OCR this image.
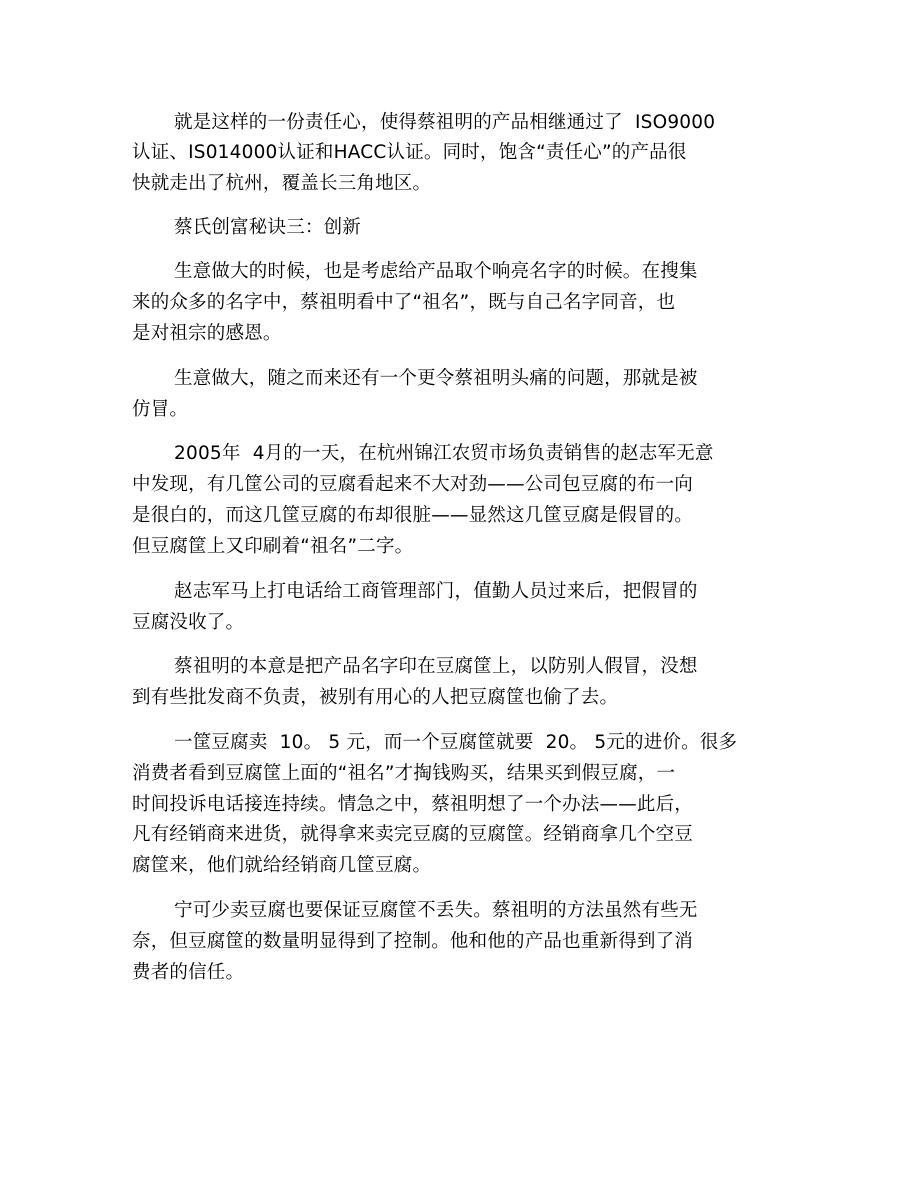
就是这样的一份责任心，使得蔡祖明的产品相继通过了  ISO9000
认证、IS014000认证和HACC认证。同时，饱含“责任心”的产品很
快就走出了杭州，覆盖长三角地区。
蔡氏创富秘诀三：创新
生意做大的时候，也是考虑给产品取个响亮名字的时候。在搜集
来的众多的名字中，蔡祖明看中了“祖名”，既与自己名字同音，也
是对祖宗的感恩。
生意做大，随之而来还有一个更令蔡祖明头痛的问题，那就是被
仿冒。
2005年  4月的一天，在杭州锦江农贸市场负责销售的赵志军无意
中发现，有几筐公司的豆腐看起来不大对劲——公司包豆腐的布一向
是很白的，而这几筐豆腐的布却很脏——显然这几筐豆腐是假冒的。
但豆腐筐上又印刷着“祖名”二字。
赵志军马上打电话给工商管理部门，值勤人员过来后，把假冒的
豆腐没收了。
蔡祖明的本意是把产品名字印在豆腐筐上，以防别人假冒，没想
到有些批发商不负责，被别有用心的人把豆腐筐也偷了去。
一筐豆腐卖  10。 5 元，而一个豆腐筐就要  20。 5元的进价。很多
消费者看到豆腐筐上面的“祖名”才掏钱购买，结果买到假豆腐，一
时间投诉电话接连持续。情急之中，蔡祖明想了一个办法——此后，
凡有经销商来进货，就得拿来卖完豆腐的豆腐筐。经销商拿几个空豆
腐筐来，他们就给经销商几筐豆腐。
宁可少卖豆腐也要保证豆腐筐不丢失。蔡祖明的方法虽然有些无
奈，但豆腐筐的数量明显得到了控制。他和他的产品也重新得到了消
费者的信任。
